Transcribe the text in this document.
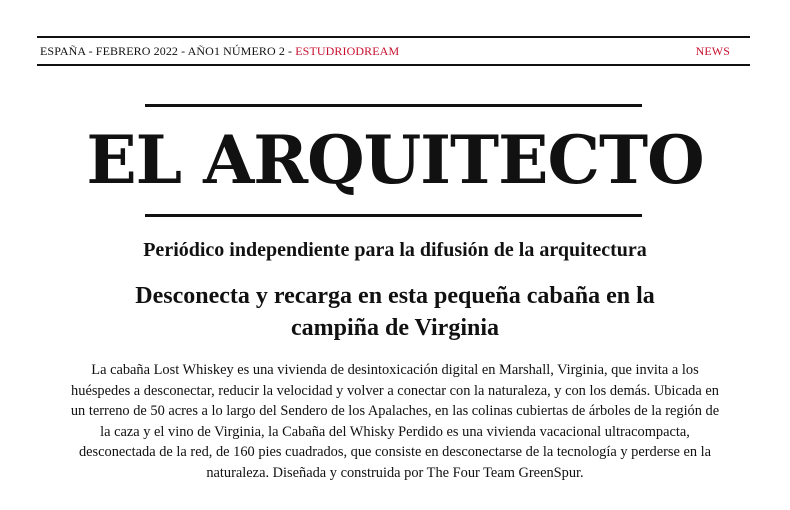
ESPAÑA - FEBRERO 2022 - AÑO1 NÚMERO 2 - ESTUDRIODREAM	NEWS
EL ARQUITECTO
Periódico independiente para la difusión de la arquitectura
Desconecta y recarga en esta pequeña cabaña en la campiña de Virginia
La cabaña Lost Whiskey es una vivienda de desintoxicación digital en Marshall, Virginia, que invita a los huéspedes a desconectar, reducir la velocidad y volver a conectar con la naturaleza, y con los demás. Ubicada en un terreno de 50 acres a lo largo del Sendero de los Apalaches, en las colinas cubiertas de árboles de la región de la caza y el vino de Virginia, la Cabaña del Whisky Perdido es una vivienda vacacional ultracompacta, desconectada de la red, de 160 pies cuadrados, que consiste en desconectarse de la tecnología y perderse en la naturaleza. Diseñada y construida por The Four Team GreenSpur.
